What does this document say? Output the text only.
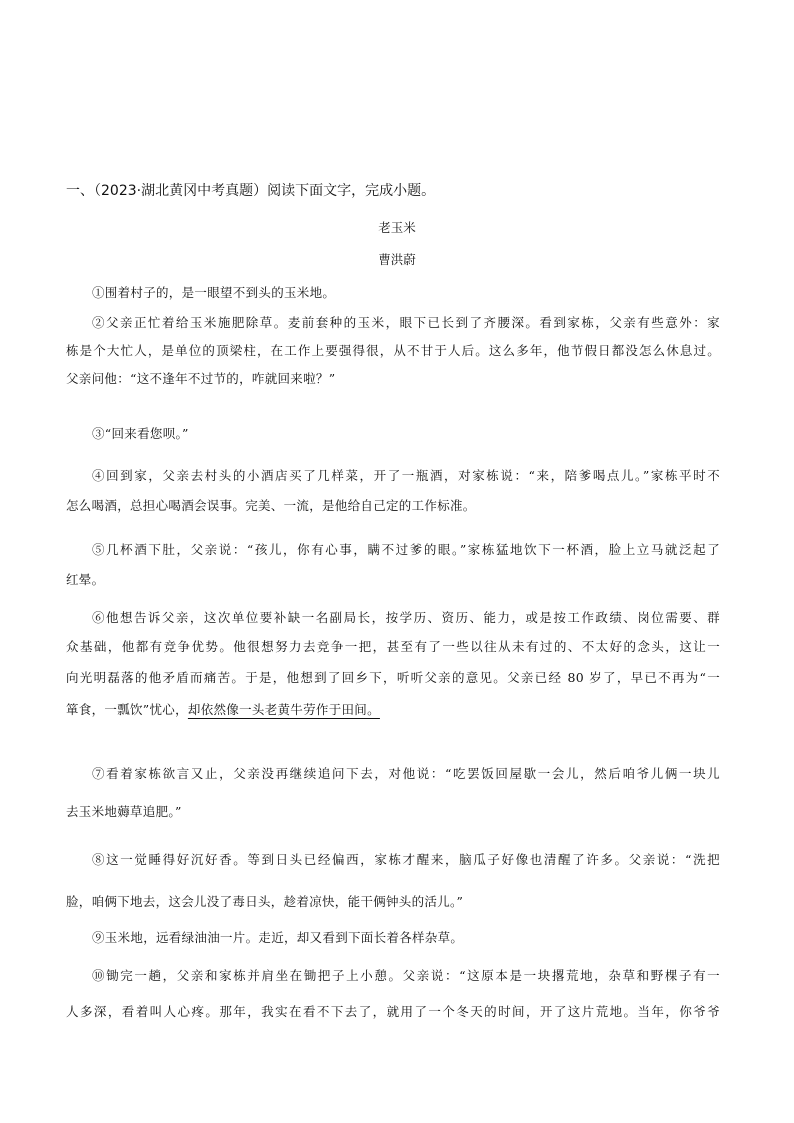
一、（2023·湖北黄冈中考真题）阅读下面文字，完成小题。
老玉米
曹洪蔚
①围着村子的，是一眼望不到头的玉米地。
②父亲正忙着给玉米施肥除草。麦前套种的玉米，眼下已长到了齐腰深。看到家栋，父亲有些意外：家
栋是个大忙人，是单位的顶梁柱，在工作上要强得很，从不甘于人后。这么多年，他节假日都没怎么休息过。
父亲问他：“这不逢年不过节的，咋就回来啦？”
③“回来看您呗。”
④回到家，父亲去村头的小酒店买了几样菜，开了一瓶酒，对家栋说：“来，陪爹喝点儿。”家栋平时不
怎么喝酒，总担心喝酒会误事。完美、一流，是他给自己定的工作标准。
⑤几杯酒下肚，父亲说：“孩儿，你有心事，瞒不过爹的眼。”家栋猛地饮下一杯酒，脸上立马就泛起了
红晕。
⑥他想告诉父亲，这次单位要补缺一名副局长，按学历、资历、能力，或是按工作政绩、岗位需要、群
众基础，他都有竞争优势。他很想努力去竞争一把，甚至有了一些以往从未有过的、不太好的念头，这让一
向光明磊落的他矛盾而痛苦。于是，他想到了回乡下，听听父亲的意见。父亲已经 80 岁了，早已不再为“一
箪食，一瓢饮”忧心，却依然像一头老黄牛劳作于田间。
⑦看着家栋欲言又止，父亲没再继续追问下去，对他说：“吃罢饭回屋歇一会儿，然后咱爷儿俩一块儿
去玉米地薅草追肥。”
⑧这一觉睡得好沉好香。等到日头已经偏西，家栋才醒来，脑瓜子好像也清醒了许多。父亲说：“洗把
脸，咱俩下地去，这会儿没了毒日头，趁着凉快，能干俩钟头的活儿。”
⑨玉米地，远看绿油油一片。走近，却又看到下面长着各样杂草。
⑩锄完一趟，父亲和家栋并肩坐在锄把子上小憩。父亲说：“这原本是一块撂荒地，杂草和野棵子有一
人多深，看着叫人心疼。那年，我实在看不下去了，就用了一个冬天的时间，开了这片荒地。当年，你爷爷
